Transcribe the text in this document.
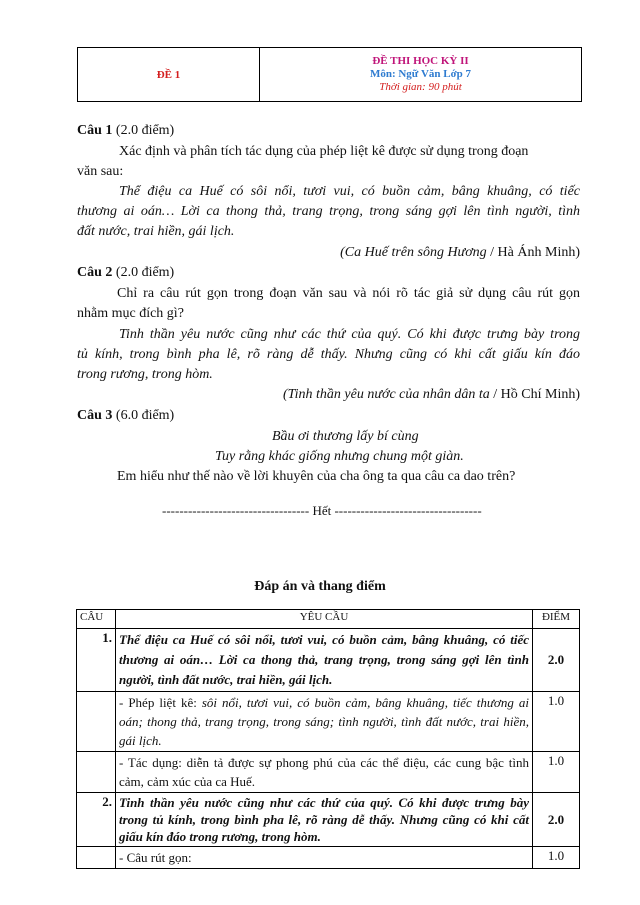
ĐỀ 1
ĐỀ THI HỌC KỲ II
Môn: Ngữ Văn Lớp 7
Thời gian: 90 phút
Câu 1 (2.0 điểm)
Xác định và phân tích tác dụng của phép liệt kê được sử dụng trong đoạn
văn sau:
Thể điệu ca Huế có sôi nổi, tươi vui, có buồn cảm, bâng khuâng, có tiếc
thương ai oán… Lời ca thong thả, trang trọng, trong sáng gợi lên tình người, tình
đất nước, trai hiền, gái lịch.
(Ca Huế trên sông Hương / Hà Ánh Minh)
Câu 2 (2.0 điểm)
Chỉ ra câu rút gọn trong đoạn văn sau và nói rõ tác giả sử dụng câu rút gọn
nhằm mục đích gì?
Tinh thần yêu nước cũng như các thứ của quý. Có khi được trưng bày trong
tủ kính, trong bình pha lê, rõ ràng dễ thấy. Nhưng cũng có khi cất giấu kín đáo
trong rương, trong hòm.
(Tinh thần yêu nước của nhân dân ta / Hồ Chí Minh)
Câu 3 (6.0 điểm)
Bầu ơi thương lấy bí cùng
Tuy rằng khác giống nhưng chung một giàn.
Em hiểu như thế nào về lời khuyên của cha ông ta qua câu ca dao trên?
---------------------------------- Hết ----------------------------------
Đáp án và thang điểm
CÂU	YÊU CẦU	ĐIỂM
1.	Thể điệu ca Huế có sôi nổi, tươi vui, có buồn cảm, bâng khuâng, có tiếc thương ai oán… Lời ca thong thả, trang trọng, trong sáng gợi lên tình người, tình đất nước, trai hiền, gái lịch.	2.0
	- Phép liệt kê: sôi nổi, tươi vui, có buồn cảm, bâng khuâng, tiếc thương ai oán; thong thả, trang trọng, trong sáng; tình người, tình đất nước, trai hiền, gái lịch.	1.0
	- Tác dụng: diễn tả được sự phong phú của các thể điệu, các cung bậc tình cảm, cảm xúc của ca Huế.	1.0
2.	Tinh thần yêu nước cũng như các thứ của quý. Có khi được trưng bày trong tủ kính, trong bình pha lê, rõ ràng dễ thấy. Nhưng cũng có khi cất giấu kín đáo trong rương, trong hòm.	2.0
	- Câu rút gọn:	1.0
